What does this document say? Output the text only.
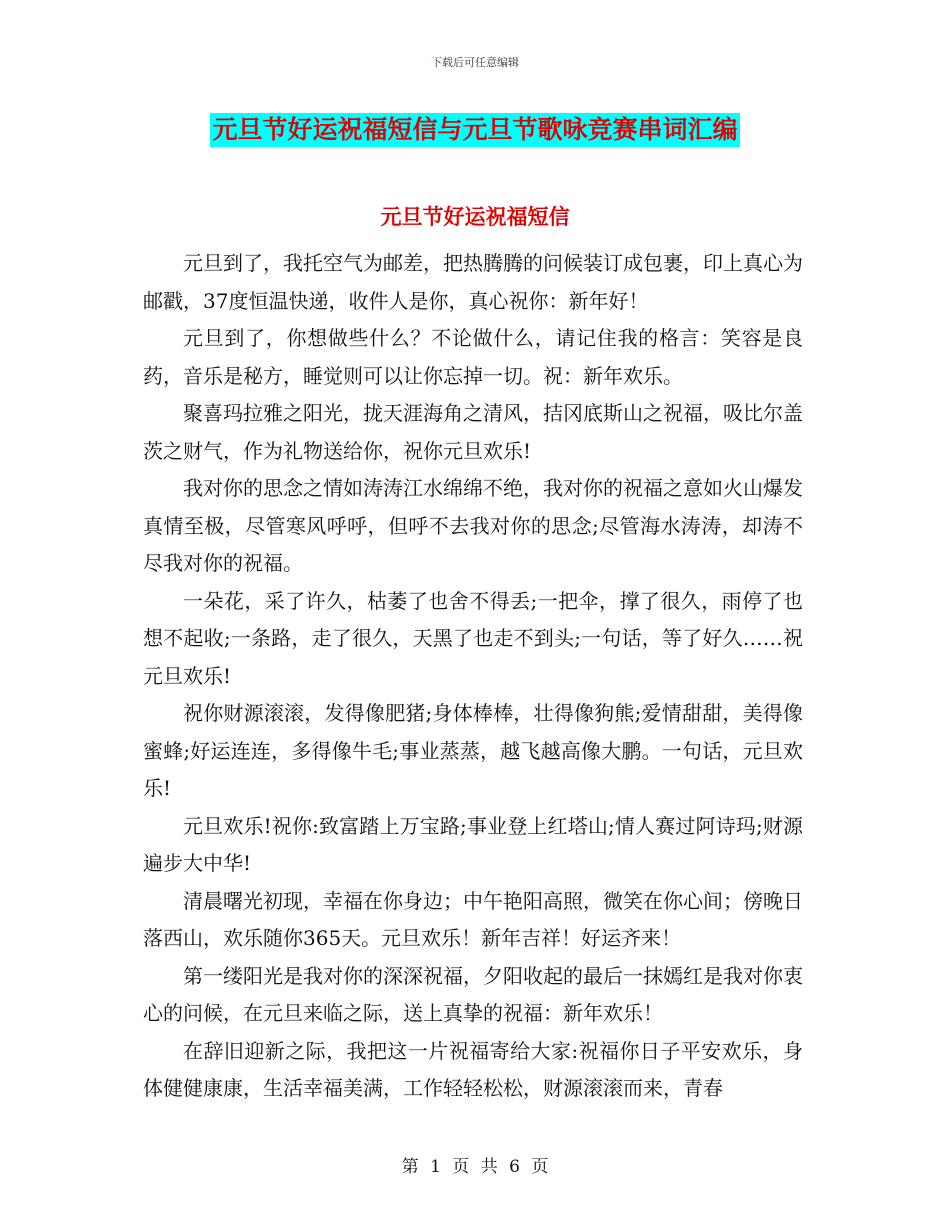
下载后可任意编辑
元旦节好运祝福短信与元旦节歌咏竞赛串词汇编
元旦节好运祝福短信

元旦到了，我托空气为邮差，把热腾腾的问候装订成包裹，印上真心为邮戳，37度恒温快递，收件人是你，真心祝你：新年好！

元旦到了，你想做些什么？不论做什么，请记住我的格言：笑容是良药，音乐是秘方，睡觉则可以让你忘掉一切。祝：新年欢乐。

聚喜玛拉雅之阳光，拢天涯海角之清风，拮冈底斯山之祝福，吸比尔盖茨之财气，作为礼物送给你，祝你元旦欢乐!

我对你的思念之情如涛涛江水绵绵不绝，我对你的祝福之意如火山爆发真情至极，尽管寒风呼呼，但呼不去我对你的思念;尽管海水涛涛，却涛不尽我对你的祝福。

一朵花，采了许久，枯萎了也舍不得丢;一把伞，撑了很久，雨停了也想不起收;一条路，走了很久，天黑了也走不到头;一句话，等了好久……祝元旦欢乐!

祝你财源滚滚，发得像肥猪;身体棒棒，壮得像狗熊;爱情甜甜，美得像蜜蜂;好运连连，多得像牛毛;事业蒸蒸，越飞越高像大鹏。一句话，元旦欢乐!

元旦欢乐!祝你:致富踏上万宝路;事业登上红塔山;情人赛过阿诗玛;财源遍步大中华!

清晨曙光初现，幸福在你身边；中午艳阳高照，微笑在你心间；傍晚日落西山，欢乐随你365天。元旦欢乐！新年吉祥！好运齐来！

第一缕阳光是我对你的深深祝福，夕阳收起的最后一抹嫣红是我对你衷心的问候，在元旦来临之际，送上真挚的祝福：新年欢乐！

在辞旧迎新之际，我把这一片祝福寄给大家:祝福你日子平安欢乐，身体健健康康，生活幸福美满，工作轻轻松松，财源滚滚而来，青春

第 1 页 共 6 页
